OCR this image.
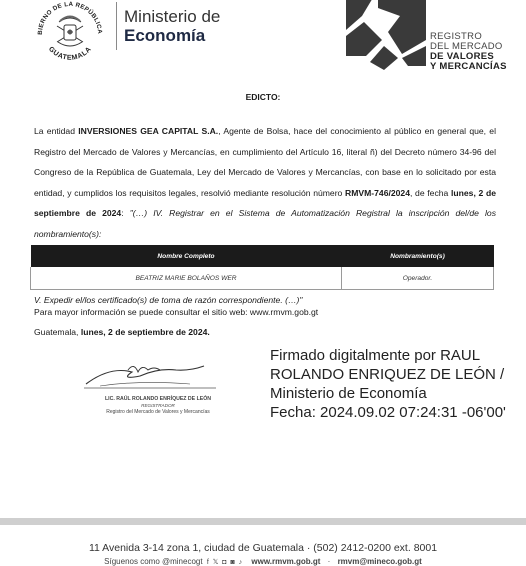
BIERNO DE LA REPÚBLICA
GUATEMALA
Ministerio de
Economía	REGISTRO
DEL MERCADO
DE VALORES
Y MERCANCÍAS
EDICTO:
La entidad INVERSIONES GEA CAPITAL S.A., Agente de Bolsa, hace del conocimiento al público en general que, el Registro del Mercado de Valores y Mercancías, en cumplimiento del Artículo 16, literal ñ) del Decreto número 34-96 del Congreso de la República de Guatemala, Ley del Mercado de Valores y Mercancías, con base en lo solicitado por esta entidad, y cumplidos los requisitos legales, resolvió mediante resolución número RMVM-746/2024, de fecha lunes, 2 de septiembre de 2024: "(…) IV. Registrar en el Sistema de Automatización Registral la inscripción del/de los nombramiento(s):
Nombre Completo	Nombramiento(s)
BEATRIZ MARIE BOLAÑOS WER	Operador.
V. Expedir el/los certificado(s) de toma de razón correspondiente. (…)"
Para mayor información se puede consultar el sitio web: www.rmvm.gob.gt
Guatemala, lunes, 2 de septiembre de 2024.
LIC. RAÚL ROLANDO ENRÍQUEZ DE LEÓN
REGISTRADOR
Registro del Mercado de Valores y Mercancías
Firmado digitalmente por RAUL
ROLANDO ENRIQUEZ DE LEÓN /
Ministerio de Economía
Fecha: 2024.09.02 07:24:31 -06'00'
11 Avenida 3-14 zona 1, ciudad de Guatemala · (502) 2412-0200 ext. 8001
Síguenos como @minecogt f 𝕏 ◘ ◙ ♪ www.rmvm.gob.gt · rmvm@mineco.gob.gt
